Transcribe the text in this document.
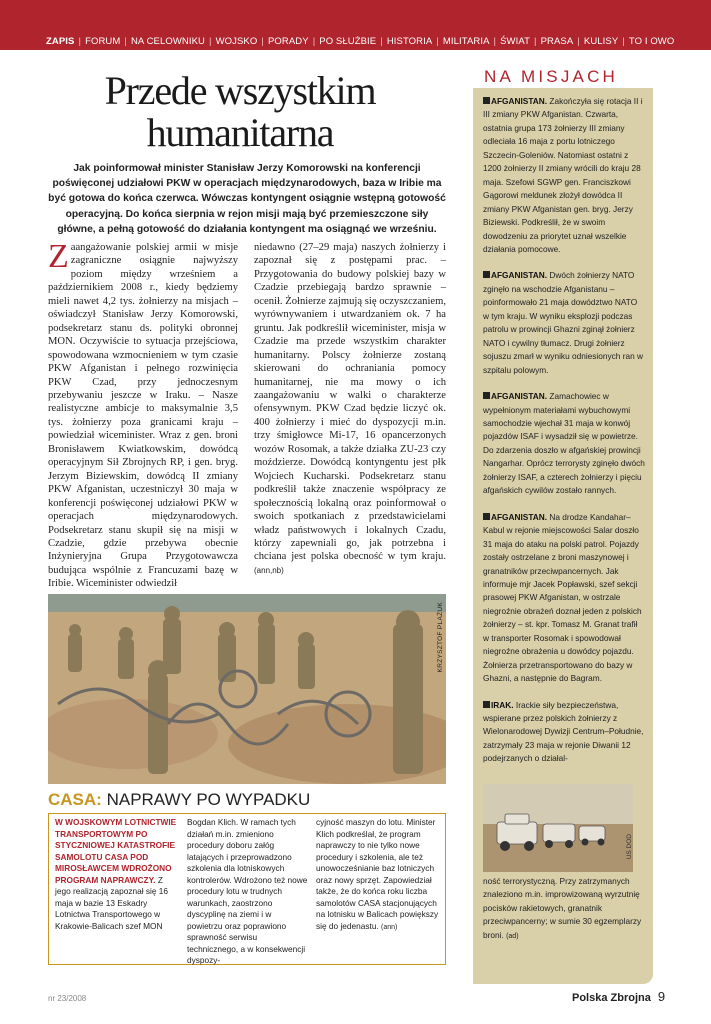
ZAPIS	| FORUM	| NA CELOWNIKU	| WOJSKO	| PORADY	| PO SŁUŻBIE	| HISTORIA	| MILITARIA	| ŚWIAT	| PRASA	| KULISY	| TO I OWO
Przede wszystkim
humanitarna

Jak poinformował minister Stanisław Jerzy Komorowski na konferencji poświęconej udziałowi PKW w operacjach międzynarodowych, baza w Iribie ma być gotowa do końca czerwca. Wówczas kontyngent osiągnie wstępną gotowość operacyjną. Do końca sierpnia w rejon misji mają być przemieszczone siły główne, a pełną gotowość do działania kontyngent ma osiągnąć we wrześniu.

Zaangażowanie polskiej armii w misje zagraniczne osiągnie najwyższy poziom między wrześniem a październikiem 2008 r., kiedy będziemy mieli nawet 4,2 tys. żołnierzy na misjach – oświadczył Stanisław Jerzy Komorowski, podsekretarz stanu ds. polityki obronnej MON. Oczywiście to sytuacja przejściowa, spowodowana wzmocnieniem w tym czasie PKW Afganistan i pełnego rozwinięcia PKW Czad, przy jednoczesnym przebywaniu jeszcze w Iraku. – Nasze realistyczne ambicje to maksymalnie 3,5 tys. żołnierzy poza granicami kraju – powiedział wiceminister. Wraz z gen. broni Bronisławem Kwiatkowskim, dowódcą operacyjnym Sił Zbrojnych RP, i gen. bryg. Jerzym Biziewskim, dowódcą II zmiany PKW Afganistan, uczestniczył 30 maja w konferencji poświęconej udziałowi PKW w operacjach międzynarodowych. Podsekretarz stanu skupił się na misji w Czadzie, gdzie przebywa obecnie Inżynieryjna Grupa Przygotowawcza budująca wspólnie z Francuzami bazę w Iribie. Wiceminister odwiedził
niedawno (27–29 maja) naszych żołnierzy i zapoznał się z postępami prac. – Przygotowania do budowy polskiej bazy w Czadzie przebiegają bardzo sprawnie – ocenił. Żołnierze zajmują się oczyszczaniem, wyrównywaniem i utwardzaniem ok. 7 ha gruntu. Jak podkreślił wiceminister, misja w Czadzie ma przede wszystkim charakter humanitarny. Polscy żołnierze zostaną skierowani do ochraniania pomocy humanitarnej, nie ma mowy o ich zaangażowaniu w walki o charakterze ofensywnym. PKW Czad będzie liczyć ok. 400 żołnierzy i mieć do dyspozycji m.in. trzy śmigłowce Mi-17, 16 opancerzonych wozów Rosomak, a także działka ZU-23 czy moździerze. Dowódcą kontyngentu jest płk Wojciech Kucharski. Podsekretarz stanu podkreślił także znaczenie współpracy ze społecznością lokalną oraz poinformował o swoich spotkaniach z przedstawicielami władz państwowych i lokalnych Czadu, którzy zapewniali go, jak potrzebna i chciana jest polska obecność w tym kraju. (ann,nb)
KRZYSZTOF PLAŻUK
CASA: NAPRAWY PO WYPADKU
W WOJSKOWYM LOTNICTWIE TRANSPORTOWYM PO STYCZNIOWEJ KATASTROFIE SAMOLOTU CASA POD MIROSŁAWCEM WDROŻONO PROGRAM NAPRAWCZY. Z jego realizacją zapoznał się 16 maja w bazie 13 Eskadry Lotnictwa Transportowego w Krakowie-Balicach szef MON
Bogdan Klich. W ramach tych działań m.in. zmieniono procedury doboru załóg latających i przeprowadzono szkolenia dla lotniskowych kontrolerów. Wdrożono też nowe procedury lotu w trudnych warunkach, zaostrzono dyscyplinę na ziemi i w powietrzu oraz poprawiono sprawność serwisu technicznego, a w konsekwencji dyspozy-
cyjność maszyn do lotu. Minister Klich podkreślał, że program naprawczy to nie tylko nowe procedury i szkolenia, ale też unowocześnianie baz lotniczych oraz nowy sprzęt. Zapowiedział także, że do końca roku liczba samolotów CASA stacjonujących na lotnisku w Balicach powiększy się do jedenastu. (ann)
NA MISJACH

AFGANISTAN. Zakończyła się rotacja II i III zmiany PKW Afganistan. Czwarta, ostatnia grupa 173 żołnierzy III zmiany odleciała 16 maja z portu lotniczego Szczecin-Goleniów. Natomiast ostatni z 1200 żołnierzy II zmiany wrócili do kraju 28 maja. Szefowi SGWP gen. Franciszkowi Gągorowi meldunek złożył dowódca II zmiany PKW Afganistan gen. bryg. Jerzy Biziewski. Podkreślił, że w swoim dowodzeniu za priorytet uznał wszelkie działania pomocowe.

AFGANISTAN. Dwóch żołnierzy NATO zginęło na wschodzie Afganistanu – poinformowało 21 maja dowództwo NATO w tym kraju. W wyniku eksplozji podczas patrolu w prowincji Ghazni zginął żołnierz NATO i cywilny tłumacz. Drugi żołnierz sojuszu zmarł w wyniku odniesionych ran w szpitalu polowym.

AFGANISTAN. Zamachowiec w wypełnionym materiałami wybuchowymi samochodzie wjechał 31 maja w konwój pojazdów ISAF i wysadził się w powietrze. Do zdarzenia doszło w afgańskiej prowincji Nangarhar. Oprócz terrorysty zginęło dwóch żołnierzy ISAF, a czterech żołnierzy i pięciu afgańskich cywilów zostało rannych.

AFGANISTAN. Na drodze Kandahar–Kabul w rejonie miejscowości Salar doszło 31 maja do ataku na polski patrol. Pojazdy zostały ostrzelane z broni maszynowej i granatników przeciwpancernych. Jak informuje mjr Jacek Popławski, szef sekcji prasowej PKW Afganistan, w ostrzale niegroźnie obrażeń doznał jeden z polskich żołnierzy – st. kpr. Tomasz M. Granat trafił w transporter Rosomak i spowodował niegroźne obrażenia u dowódcy pojazdu. Żołnierza przetransportowano do bazy w Ghazni, a następnie do Bagram.

IRAK. Irackie siły bezpieczeństwa, wspierane przez polskich żołnierzy z Wielonarodowej Dywizji Centrum–Południe, zatrzymały 23 maja w rejonie Diwanii 12 podejrzanych o działal-

US DOD
ność terrorystyczną. Przy zatrzymanych znaleziono m.in. improwizowaną wyrzutnię pocisków rakietowych, granatnik przeciwpancerny; w sumie 30 egzemplarzy broni. (ad)
nr 23/2008	Polska Zbrojna 9
